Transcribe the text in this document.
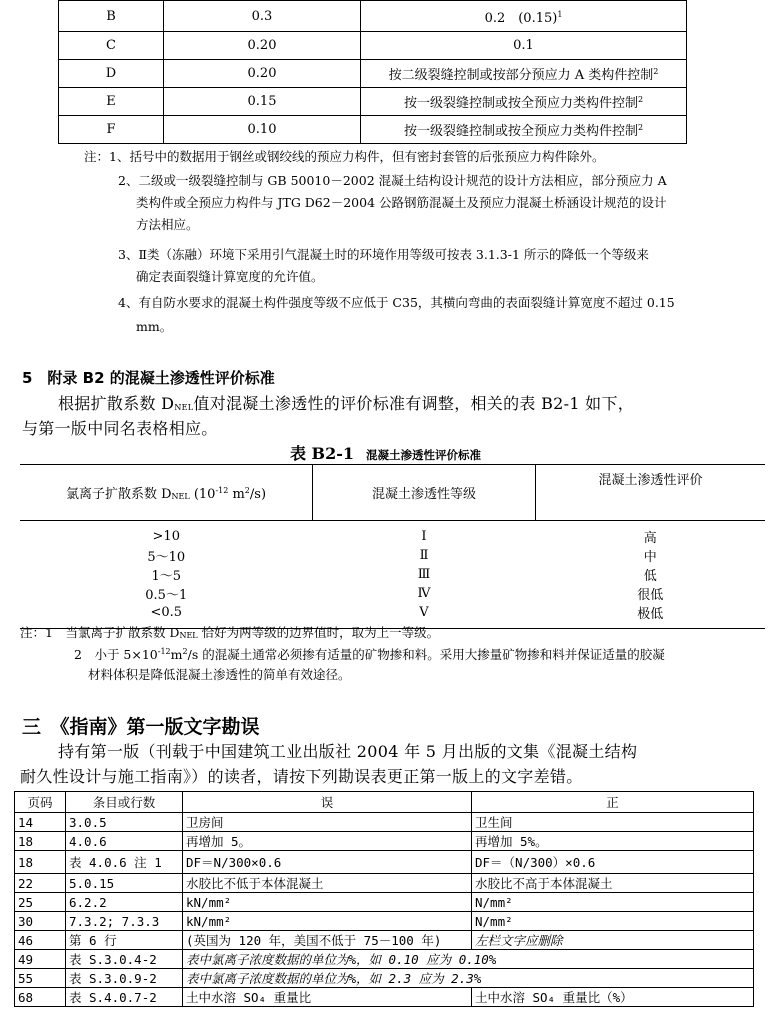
B	0.3	0.2　$(0.15)^1$
C	0.20	0.1
D	0.20	按二级裂缝控制或按部分预应力 A 类构件控制$^2$
E	0.15	按一级裂缝控制或按全预应力类构件控制$^2$
F	0.10	按一级裂缝控制或按全预应力类构件控制$^2$
注：1、括号中的数据用于钢丝或钢绞线的预应力构件，但有密封套管的后张预应力构件除外。
2、二级或一级裂缝控制与 GB 50010－2002 混凝土结构设计规范的设计方法相应，部分预应力 A
类构件或全预应力构件与 JTG D62－2004 公路钢筋混凝土及预应力混凝土桥涵设计规范的设计
方法相应。
3、Ⅱ类（冻融）环境下采用引气混凝土时的环境作用等级可按表 3.1.3-1 所示的降低一个等级来
确定表面裂缝计算宽度的允许值。
4、有自防水要求的混凝土构件强度等级不应低于 C35，其横向弯曲的表面裂缝计算宽度不超过 0.15
mm。
5　附录 B2 的混凝土渗透性评价标准
根据扩散系数 $D_{NEL}$值对混凝土渗透性的评价标准有调整，相关的表 B2-1 如下，
与第一版中同名表格相应。
表 B2-1 混凝土渗透性评价标准
氯离子扩散系数 $D_{NEL}$ ($10^{-12}$ $m^2/s$)	混凝土渗透性等级	混凝土渗透性评价
>10	Ⅰ	高
5～10	Ⅱ	中
1～5	Ⅲ	低
0.5～1	Ⅳ	很低
<0.5	Ⅴ	极低

注：1　当氯离子扩散系数 $D_{NEL}$ 恰好为两等级的边界值时，取为上一等级。
2　小于 $5\times 10^{-12}m^2/s$ 的混凝土通常必须掺有适量的矿物掺和料。采用大掺量矿物掺和料并保证适量的胶凝
材料体积是降低混凝土渗透性的简单有效途径。
三　《指南》第一版文字勘误
持有第一版（刊载于中国建筑工业出版社 2004 年 5 月出版的文集《混凝土结构
耐久性设计与施工指南》）的读者，请按下列勘误表更正第一版上的文字差错。
页码	条目或行数	误	正
14	3.0.5	卫房间	卫生间
18	4.0.6	再增加 5。	再增加 5%。
18	表 4.0.6 注 1	DF＝N/300×0.6	DF＝（N/300）×0.6
22	5.0.15	水胶比不低于本体混凝土	水胶比不高于本体混凝土
25	6.2.2	kN/mm²	N/mm²
30	7.3.2; 7.3.3	kN/mm²	N/mm²
46	第 6 行	(英国为 120 年，美国不低于 75－100 年)	左栏文字应删除
49	表 S.3.0.4-2	表中氯离子浓度数据的单位为%，如 0.10 应为 0.10%	
55	表 S.3.0.9-2	表中氯离子浓度数据的单位为%，如 2.3 应为 2.3%	
68	表 S.4.0.7-2	土中水溶 SO₄ 重量比	土中水溶 SO₄ 重量比（%）
